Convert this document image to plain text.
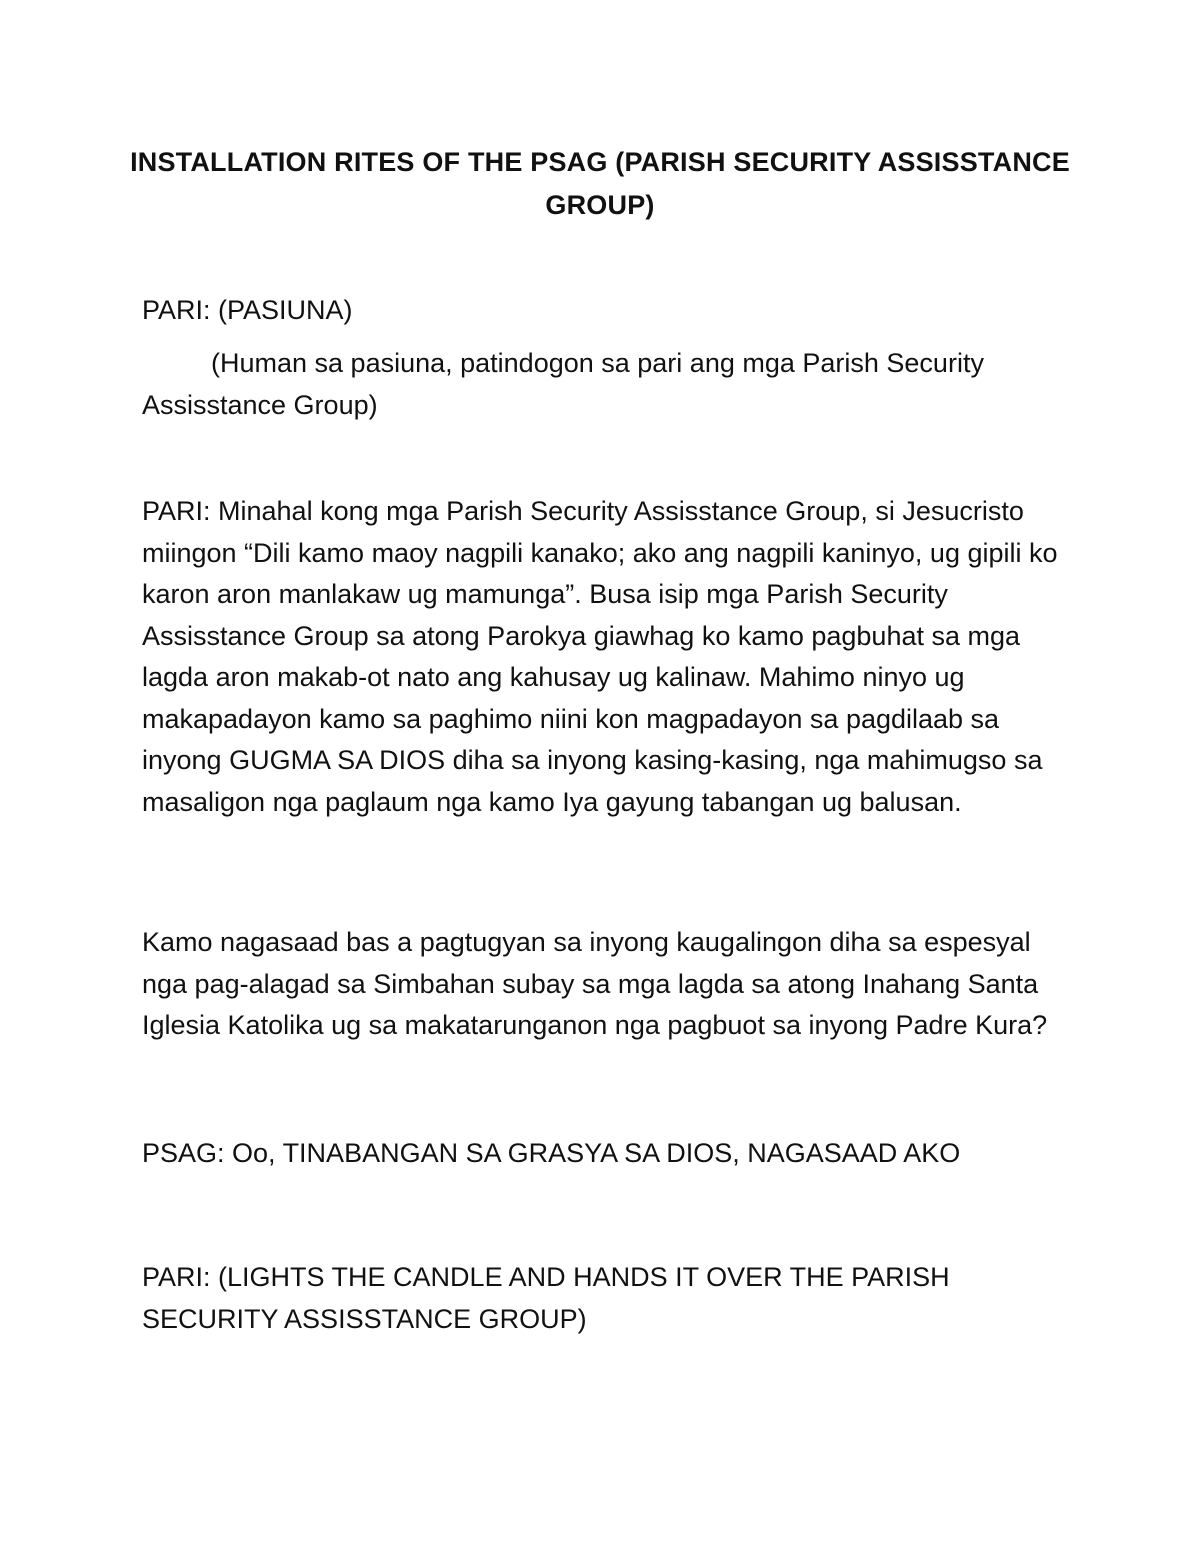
INSTALLATION RITES OF THE PSAG (PARISH SECURITY ASSISSTANCE GROUP)

PARI: (PASIUNA)

(Human sa pasiuna, patindogon sa pari ang mga Parish Security Assisstance Group)

PARI: Minahal kong mga Parish Security Assisstance Group, si Jesucristo miingon “Dili kamo maoy nagpili kanako; ako ang nagpili kaninyo, ug gipili ko karon aron manlakaw ug mamunga”. Busa isip mga Parish Security Assisstance Group sa atong Parokya giawhag ko kamo pagbuhat sa mga lagda aron makab-ot nato ang kahusay ug kalinaw. Mahimo ninyo ug makapadayon kamo sa paghimo niini kon magpadayon sa pagdilaab sa inyong GUGMA SA DIOS diha sa inyong kasing-kasing, nga mahimugso sa masaligon nga paglaum nga kamo Iya gayung tabangan ug balusan.

Kamo nagasaad bas a pagtugyan sa inyong kaugalingon diha sa espesyal nga pag-alagad sa Simbahan subay sa mga lagda sa atong Inahang Santa Iglesia Katolika ug sa makatarunganon nga pagbuot sa inyong Padre Kura?

PSAG: Oo, TINABANGAN SA GRASYA SA DIOS, NAGASAAD AKO

PARI: (LIGHTS THE CANDLE AND HANDS IT OVER THE PARISH SECURITY ASSISSTANCE GROUP)
